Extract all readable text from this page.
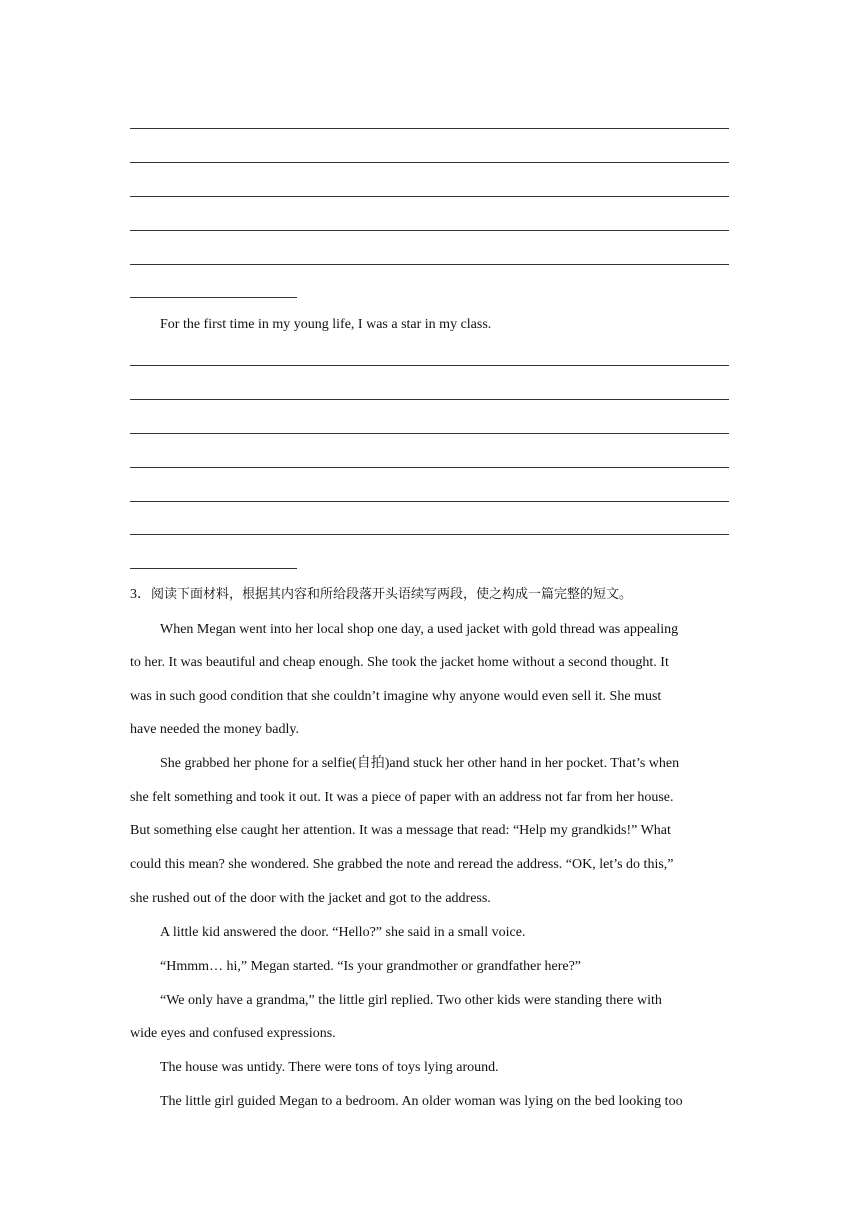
For the first time in my young life, I was a star in my class.
3．阅读下面材料，根据其内容和所给段落开头语续写两段，使之构成一篇完整的短文。
When Megan went into her local shop one day, a used jacket with gold thread was appealing
to her. It was beautiful and cheap enough. She took the jacket home without a second thought. It
was in such good condition that she couldn’t imagine why anyone would even sell it. She must
have needed the money badly.
She grabbed her phone for a selfie(自拍)and stuck her other hand in her pocket. That’s when
she felt something and took it out. It was a piece of paper with an address not far from her house.
But something else caught her attention. It was a message that read: “Help my grandkids!” What
could this mean? she wondered. She grabbed the note and reread the address. “OK, let’s do this,”
she rushed out of the door with the jacket and got to the address.
A little kid answered the door. “Hello?” she said in a small voice.
“Hmmm… hi,” Megan started. “Is your grandmother or grandfather here?”
“We only have a grandma,” the little girl replied. Two other kids were standing there with
wide eyes and confused expressions.
The house was untidy. There were tons of toys lying around.
The little girl guided Megan to a bedroom. An older woman was lying on the bed looking too
